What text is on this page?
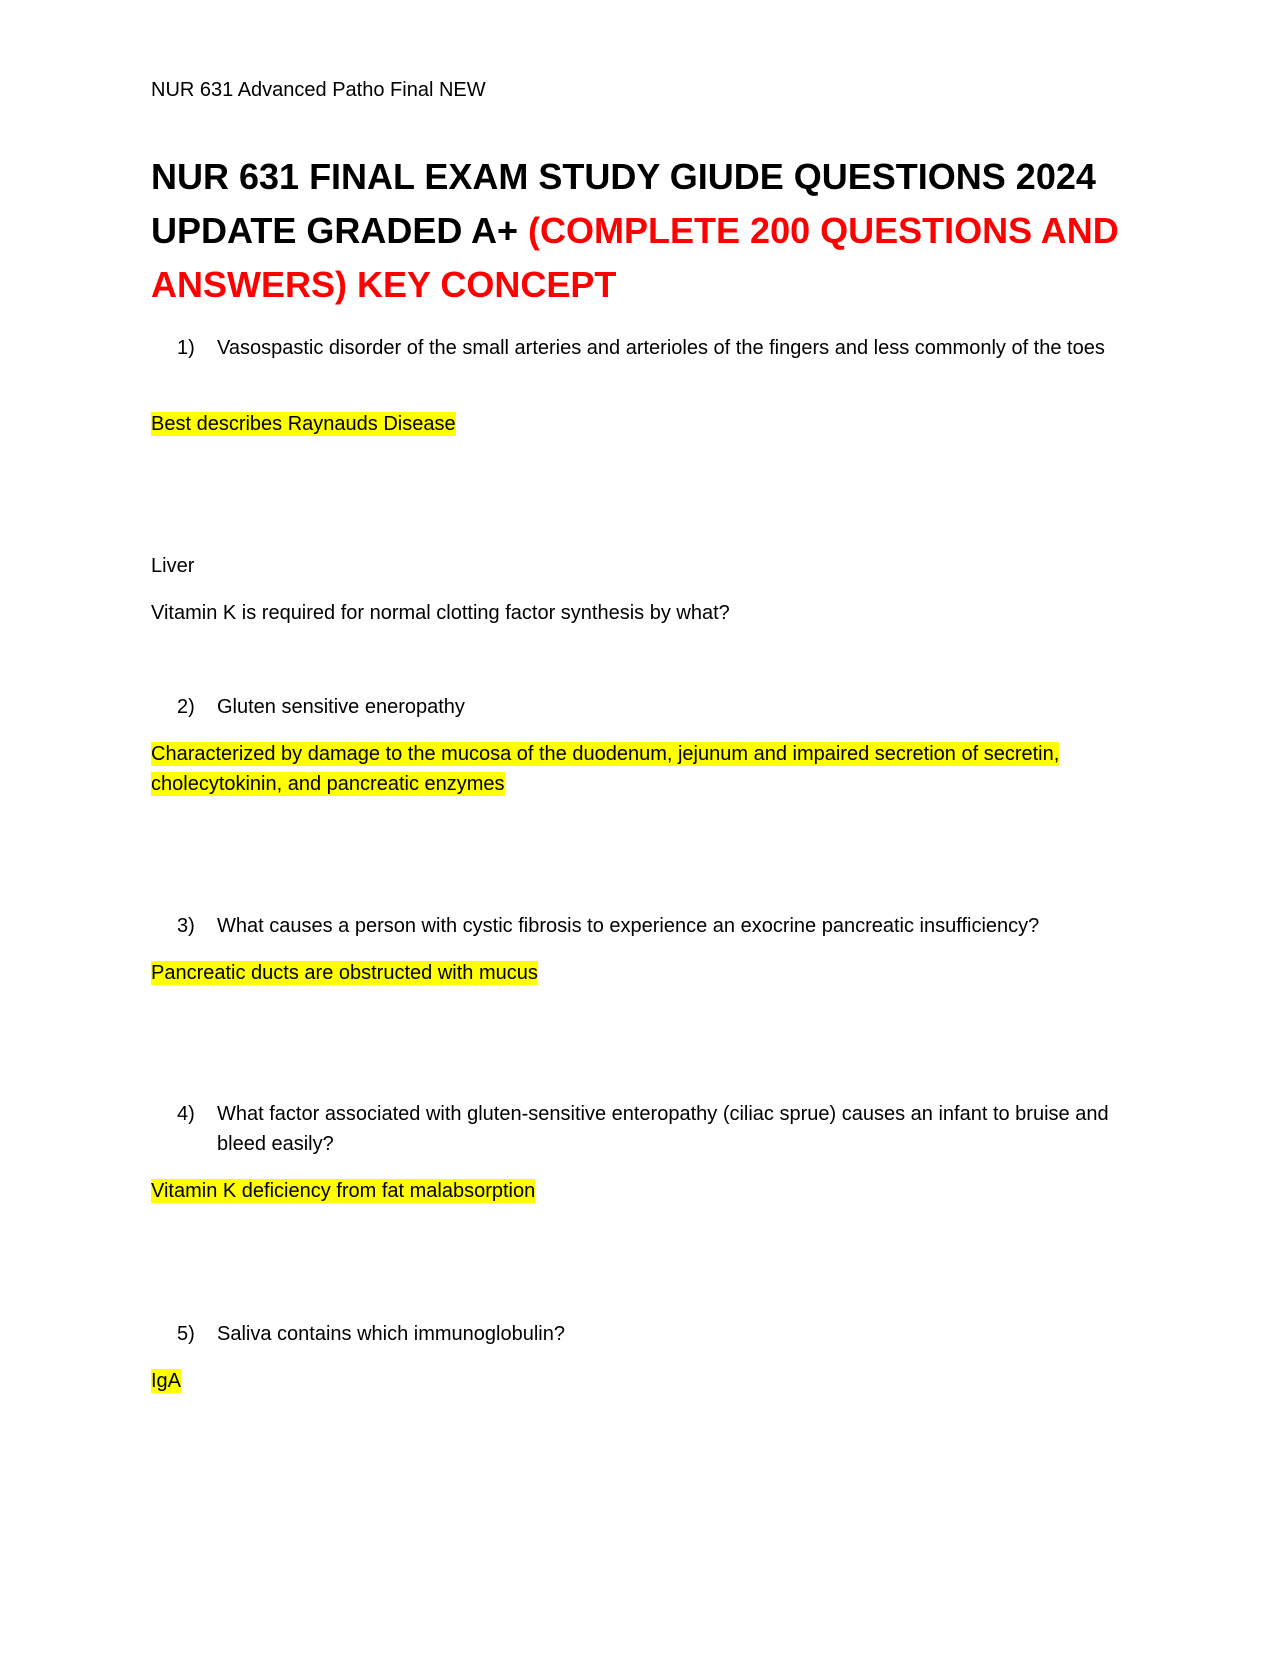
NUR 631 Advanced Patho Final NEW
NUR 631 FINAL EXAM STUDY GIUDE QUESTIONS 2024 UPDATE GRADED A+ (COMPLETE 200 QUESTIONS AND ANSWERS) KEY CONCEPT
1) Vasospastic disorder of the small arteries and arterioles of the fingers and less commonly of the toes
Best describes Raynauds Disease
Liver
Vitamin K is required for normal clotting factor synthesis by what?
2) Gluten sensitive eneropathy
Characterized by damage to the mucosa of the duodenum, jejunum and impaired secretion of secretin, cholecytokinin, and pancreatic enzymes
3) What causes a person with cystic fibrosis to experience an exocrine pancreatic insufficiency?
Pancreatic ducts are obstructed with mucus
4) What factor associated with gluten-sensitive enteropathy (ciliac sprue) causes an infant to bruise and bleed easily?
Vitamin K deficiency from fat malabsorption
5) Saliva contains which immunoglobulin?
IgA
